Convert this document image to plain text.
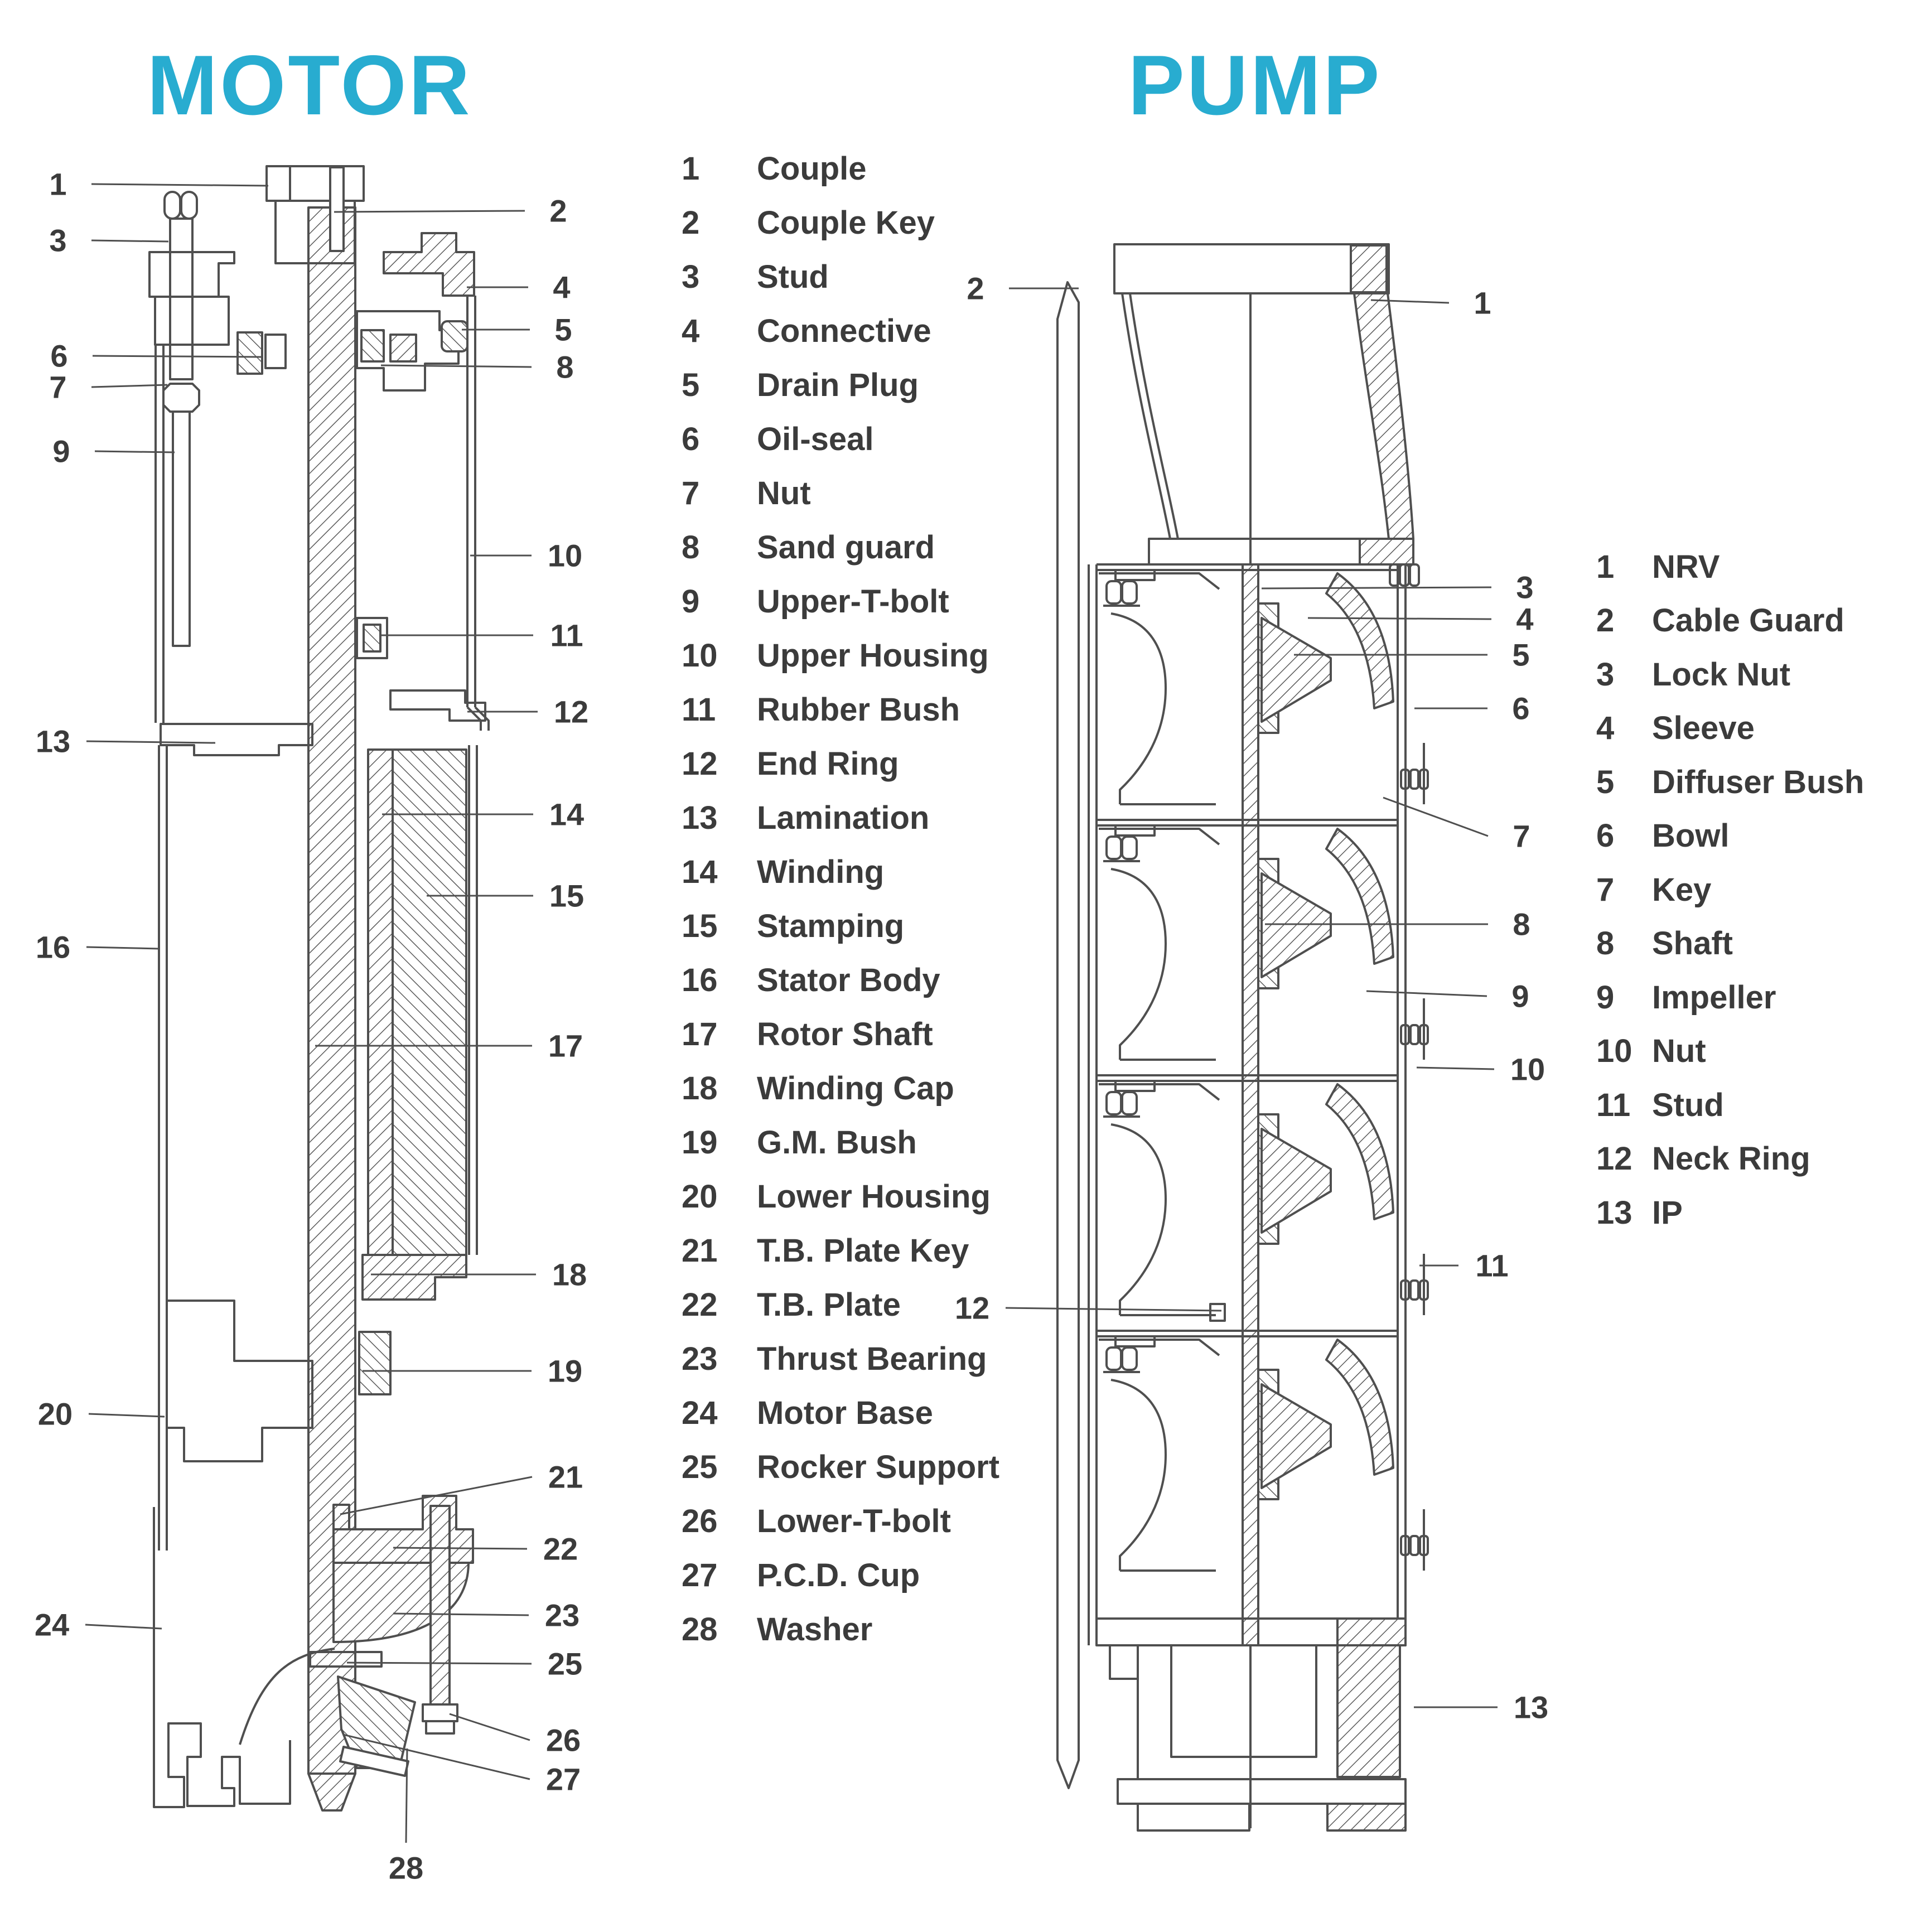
MOTOR	PUMP
1
3
6
7
9
13
16
20
24
2
4
5
8
10
11
12
14
15
17
18
19
21
22
23
25
26
27
28
1
2
3
4
5
6
7
8
9
10
11
12
13
1	Couple
2	Couple Key
3	Stud
4	Connective
5	Drain Plug
6	Oil-seal
7	Nut
8	Sand guard
9	Upper-T-bolt
10	Upper Housing
11	Rubber Bush
12	End Ring
13	Lamination
14	Winding
15	Stamping
16	Stator Body
17	Rotor Shaft
18	Winding Cap
19	G.M. Bush
20	Lower Housing
21	T.B. Plate Key
22	T.B. Plate
23	Thrust Bearing
24	Motor Base
25	Rocker Support
26	Lower-T-bolt
27	P.C.D. Cup
28	Washer
1	NRV
2	Cable Guard
3	Lock Nut
4	Sleeve
5	Diffuser Bush
6	Bowl
7	Key
8	Shaft
9	Impeller
10 Nut
11 Stud
12 Neck Ring
13 IP
